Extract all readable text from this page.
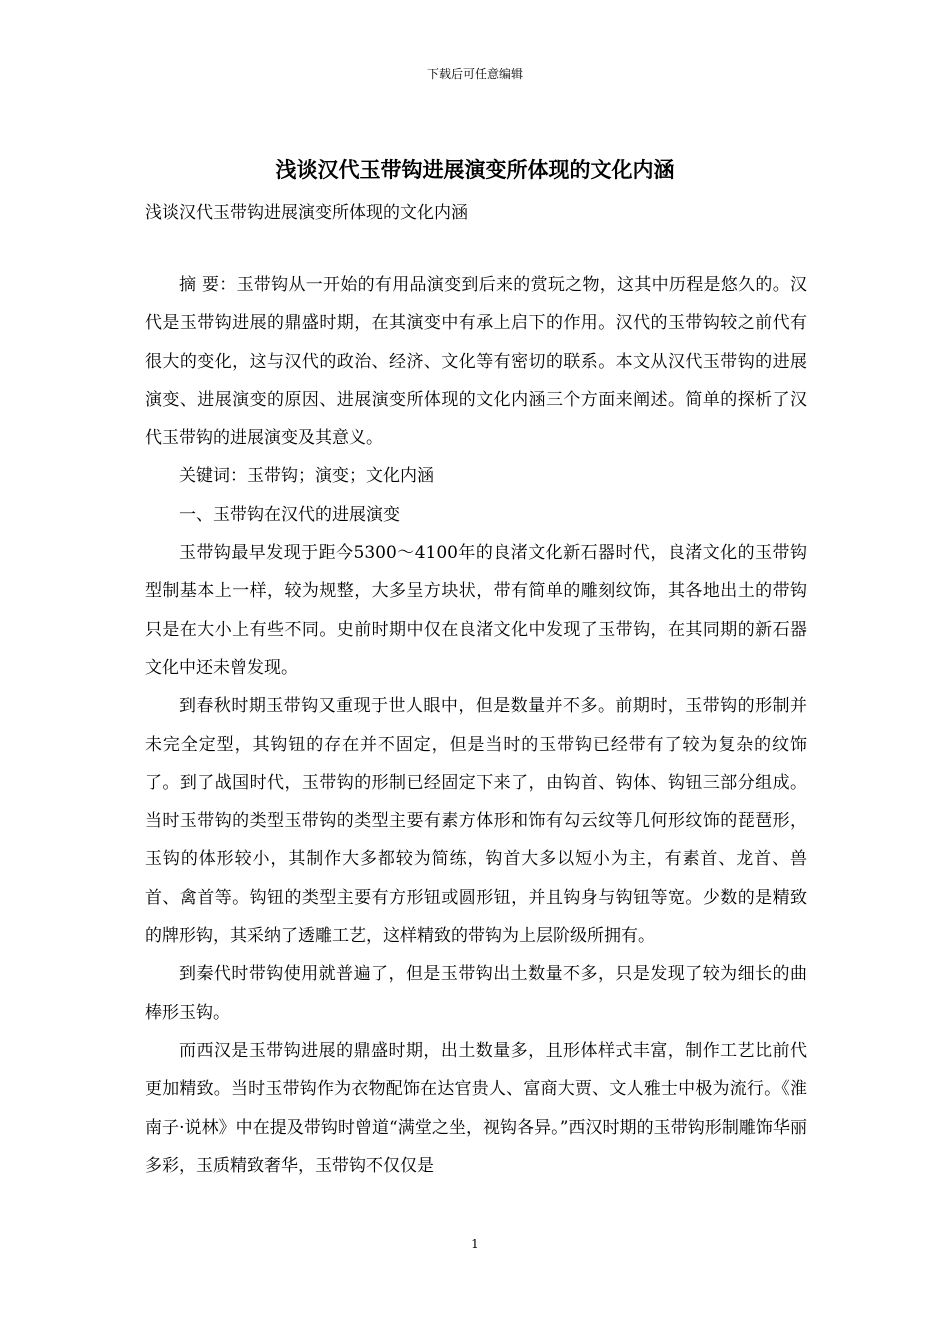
下载后可任意编辑
浅谈汉代玉带钩进展演变所体现的文化内涵
浅谈汉代玉带钩进展演变所体现的文化内涵

摘 要：玉带钩从一开始的有用品演变到后来的赏玩之物，这其中历程是悠久的。汉代是玉带钩进展的鼎盛时期，在其演变中有承上启下的作用。汉代的玉带钩较之前代有很大的变化，这与汉代的政治、经济、文化等有密切的联系。本文从汉代玉带钩的进展演变、进展演变的原因、进展演变所体现的文化内涵三个方面来阐述。简单的探析了汉代玉带钩的进展演变及其意义。

关键词：玉带钩；演变；文化内涵

一、玉带钩在汉代的进展演变

玉带钩最早发现于距今5300～4100年的良渚文化新石器时代，良渚文化的玉带钩型制基本上一样，较为规整，大多呈方块状，带有简单的雕刻纹饰，其各地出土的带钩只是在大小上有些不同。史前时期中仅在良渚文化中发现了玉带钩，在其同期的新石器文化中还未曾发现。

到春秋时期玉带钩又重现于世人眼中，但是数量并不多。前期时，玉带钩的形制并未完全定型，其钩钮的存在并不固定，但是当时的玉带钩已经带有了较为复杂的纹饰了。到了战国时代，玉带钩的形制已经固定下来了，由钩首、钩体、钩钮三部分组成。当时玉带钩的类型玉带钩的类型主要有素方体形和饰有勾云纹等几何形纹饰的琵琶形，玉钩的体形较小，其制作大多都较为简练，钩首大多以短小为主，有素首、龙首、兽首、禽首等。钩钮的类型主要有方形钮或圆形钮，并且钩身与钩钮等宽。少数的是精致的牌形钩，其采纳了透雕工艺，这样精致的带钩为上层阶级所拥有。

到秦代时带钩使用就普遍了，但是玉带钩出土数量不多，只是发现了较为细长的曲棒形玉钩。

而西汉是玉带钩进展的鼎盛时期，出土数量多，且形体样式丰富，制作工艺比前代更加精致。当时玉带钩作为衣物配饰在达官贵人、富商大贾、文人雅士中极为流行。《淮南子·说林》中在提及带钩时曾道“满堂之坐，视钩各异。”西汉时期的玉带钩形制雕饰华丽多彩，玉质精致奢华，玉带钩不仅仅是

1
